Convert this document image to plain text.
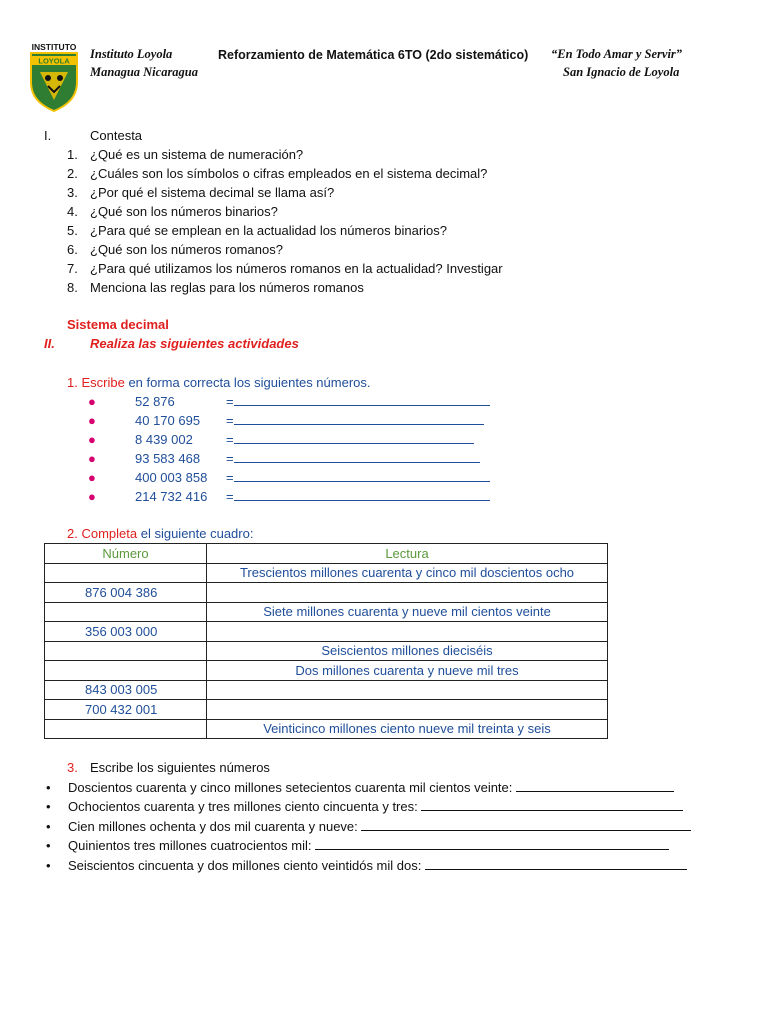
INSTITUTO
LOYOLA Instituto Loyola
Managua Nicaragua
Reforzamiento de Matemática 6TO (2do sistemático) “En Todo Amar y Servir”
San Ignacio de Loyola
I.	Contesta
1. ¿Qué es un sistema de numeración?
2. ¿Cuáles son los símbolos o cifras empleados en el sistema decimal?
3. ¿Por qué el sistema decimal se llama así?
4. ¿Qué son los números binarios?
5. ¿Para qué se emplean en la actualidad los números binarios?
6. ¿Qué son los números romanos?
7. ¿Para qué utilizamos los números romanos en la actualidad? Investigar
8. Menciona las reglas para los números romanos
Sistema decimal
II.	Realiza las siguientes actividades
1. Escribe en forma correcta los siguientes números.
●	52 876	=
●	40 170 695 =
●	8 439 002	=
●	93 583 468 =
●	400 003 858 =
●	214 732 416 =
2. Completa el siguiente cuadro:
Número	Lectura
	Trescientos millones cuarenta y cinco mil doscientos ocho
876 004 386	
	Siete millones cuarenta y nueve mil cientos veinte
356 003 000	
	Seiscientos millones dieciséis
	Dos millones cuarenta y nueve mil tres
843 003 005	
700 432 001	
	Veinticinco millones ciento nueve mil treinta y seis
3. Escribe los siguientes números
• Doscientos cuarenta y cinco millones setecientos cuarenta mil cientos veinte:
• Ochocientos cuarenta y tres millones ciento cincuenta y tres:
• Cien millones ochenta y dos mil cuarenta y nueve:
• Quinientos tres millones cuatrocientos mil:
• Seiscientos cincuenta y dos millones ciento veintidós mil dos:
